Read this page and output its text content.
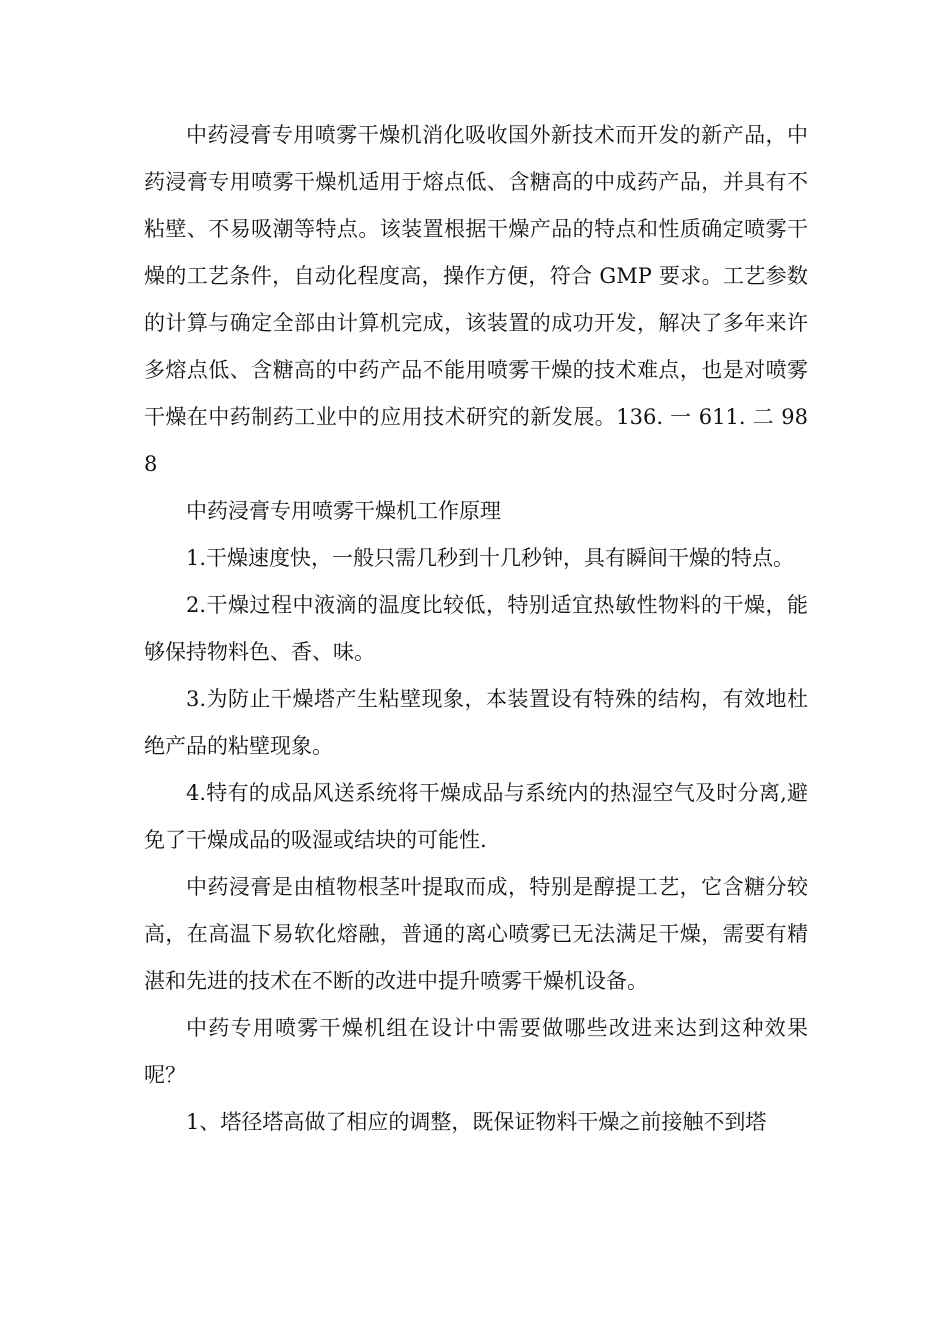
中药浸膏专用喷雾干燥机消化吸收国外新技术而开发的新产品，中药浸膏专用喷雾干燥机适用于熔点低、含糖高的中成药产品，并具有不粘壁、不易吸潮等特点。该装置根据干燥产品的特点和性质确定喷雾干燥的工艺条件，自动化程度高，操作方便，符合 GMP 要求。工艺参数的计算与确定全部由计算机完成，该装置的成功开发，解决了多年来许多熔点低、含糖高的中药产品不能用喷雾干燥的技术难点，也是对喷雾干燥在中药制药工业中的应用技术研究的新发展。136. 一 611. 二 988

中药浸膏专用喷雾干燥机工作原理

1.干燥速度快，一般只需几秒到十几秒钟，具有瞬间干燥的特点。

2.干燥过程中液滴的温度比较低，特别适宜热敏性物料的干燥，能够保持物料色、香、味。

3.为防止干燥塔产生粘壁现象，本装置设有特殊的结构，有效地杜绝产品的粘壁现象。

4.特有的成品风送系统将干燥成品与系统内的热湿空气及时分离,避免了干燥成品的吸湿或结块的可能性.

中药浸膏是由植物根茎叶提取而成，特别是醇提工艺，它含糖分较高，在高温下易软化熔融，普通的离心喷雾已无法满足干燥，需要有精湛和先进的技术在不断的改进中提升喷雾干燥机设备。

中药专用喷雾干燥机组在设计中需要做哪些改进来达到这种效果呢？

1、塔径塔高做了相应的调整，既保证物料干燥之前接触不到塔
